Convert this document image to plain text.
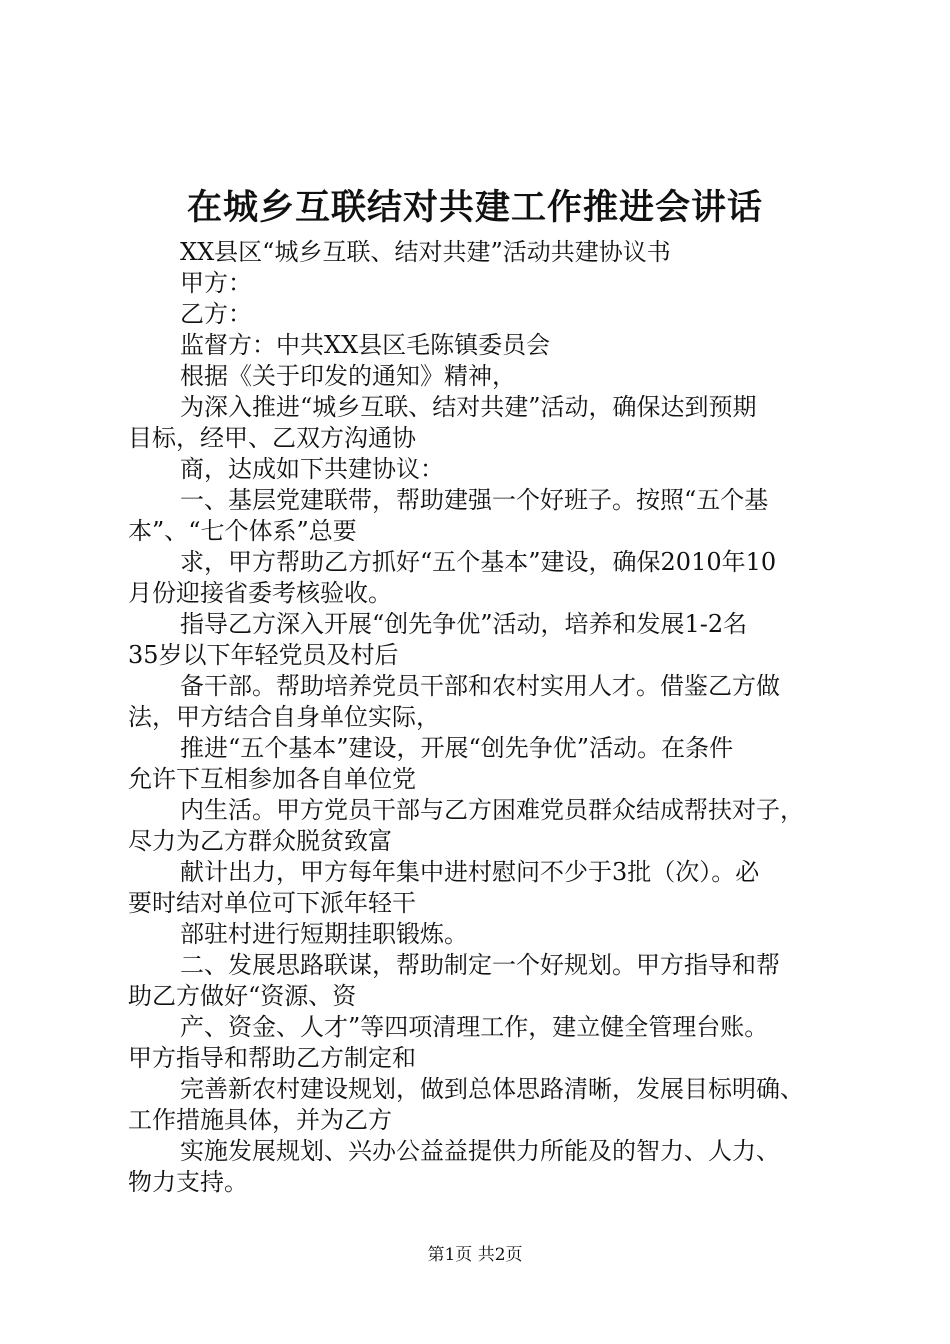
在城乡互联结对共建工作推进会讲话
XX县区“城乡互联、结对共建”活动共建协议书
甲方：
乙方：
监督方：中共XX县区毛陈镇委员会
根据《关于印发的通知》精神，
为深入推进“城乡互联、结对共建”活动，确保达到预期
目标，经甲、乙双方沟通协
商，达成如下共建协议：
一、基层党建联带，帮助建强一个好班子。按照“五个基
本”、“七个体系”总要
求，甲方帮助乙方抓好“五个基本”建设，确保2010年10
月份迎接省委考核验收。
指导乙方深入开展“创先争优”活动，培养和发展1-2名
35岁以下年轻党员及村后
备干部。帮助培养党员干部和农村实用人才。借鉴乙方做
法，甲方结合自身单位实际，
推进“五个基本”建设，开展“创先争优”活动。在条件
允许下互相参加各自单位党
内生活。甲方党员干部与乙方困难党员群众结成帮扶对子，
尽力为乙方群众脱贫致富
献计出力，甲方每年集中进村慰问不少于3批（次）。必
要时结对单位可下派年轻干
部驻村进行短期挂职锻炼。
二、发展思路联谋，帮助制定一个好规划。甲方指导和帮
助乙方做好“资源、资
产、资金、人才”等四项清理工作，建立健全管理台账。
甲方指导和帮助乙方制定和
完善新农村建设规划，做到总体思路清晰，发展目标明确、
工作措施具体，并为乙方
实施发展规划、兴办公益益提供力所能及的智力、人力、
物力支持。
第1页 共2页
